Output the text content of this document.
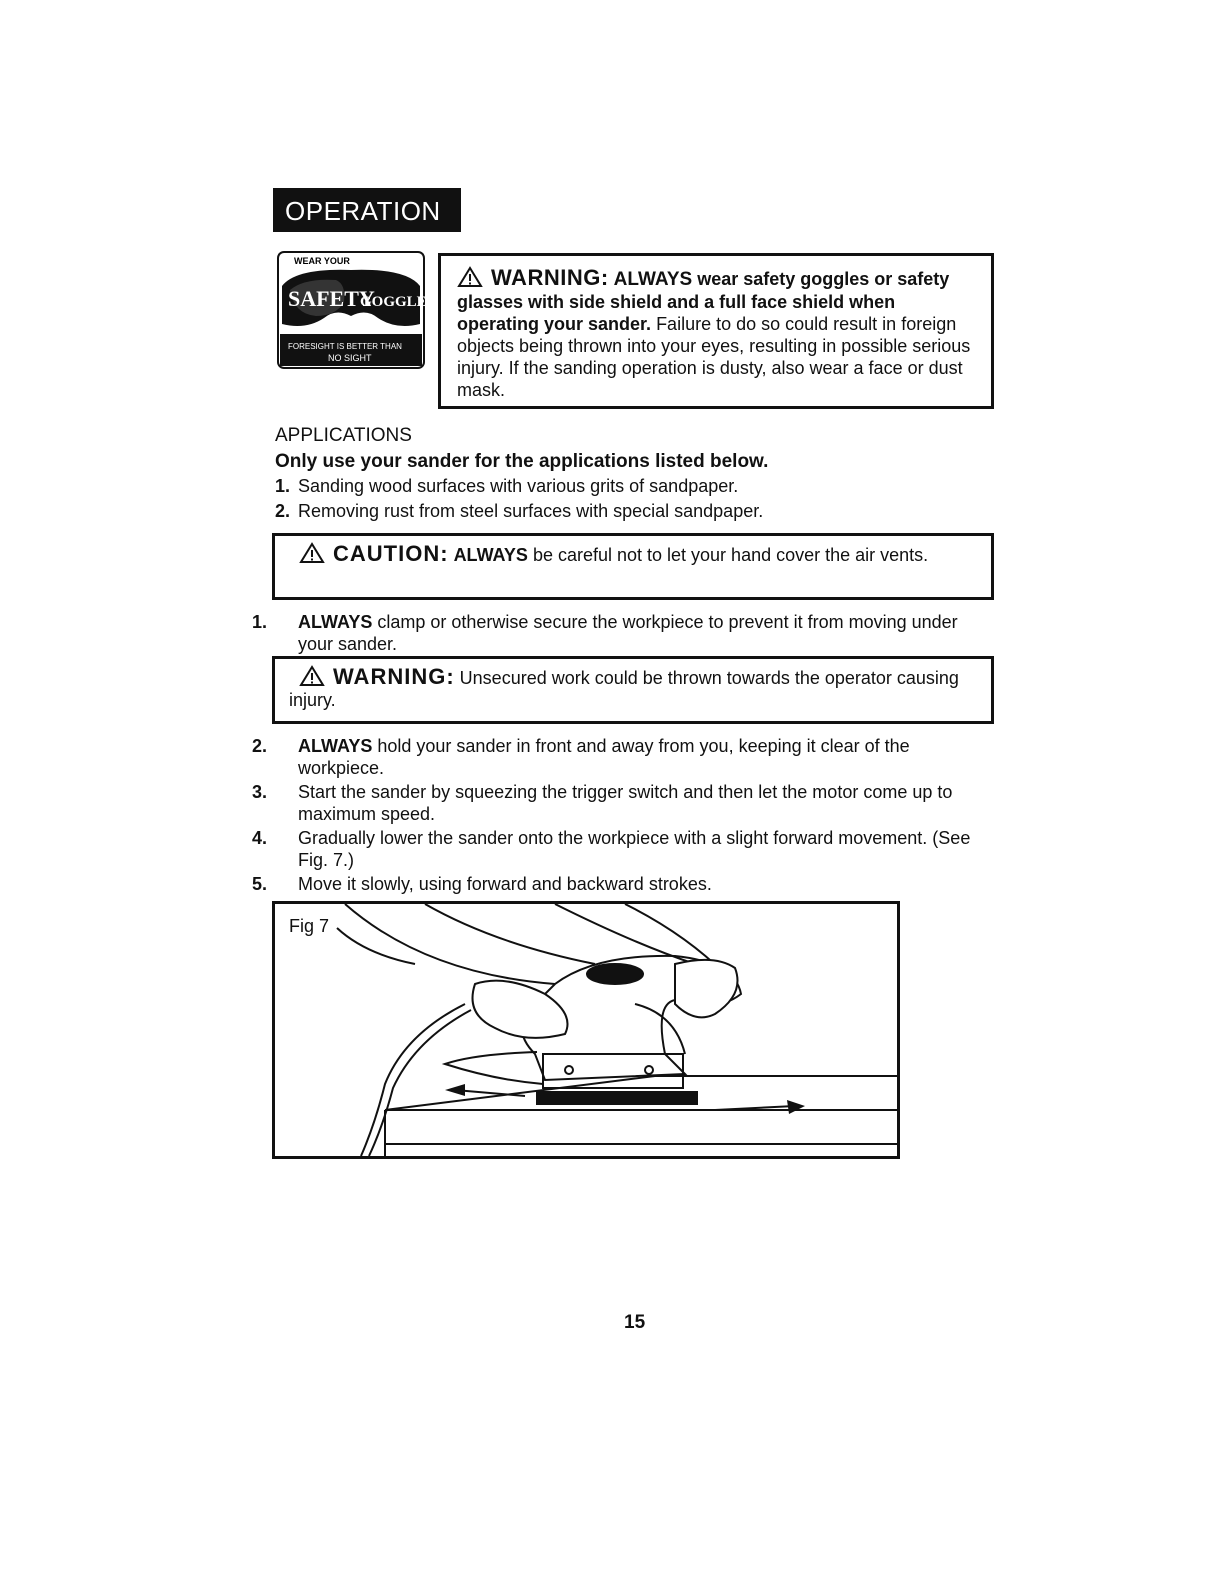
OPERATION
WEAR YOUR
SAFETY
GOGGLES
FORESIGHT IS BETTER THAN
NO SIGHT
WARNING: ALWAYS wear safety goggles or safety glasses with side shield and a full face shield when operating your sander. Failure to do so could result in foreign objects being thrown into your eyes, resulting in possible serious injury. If the sanding operation is dusty, also wear a face or dust mask.
APPLICATIONS
Only use your sander for the applications listed below.
1. Sanding wood surfaces with various grits of sandpaper.
2. Removing rust from steel surfaces with special sandpaper.
CAUTION: ALWAYS be careful not to let your hand cover the air vents.
1. ALWAYS clamp or otherwise secure the workpiece to prevent it from moving under your sander.
WARNING: Unsecured work could be thrown towards the operator causing injury.
2. ALWAYS hold your sander in front and away from you, keeping it clear of the workpiece.
3. Start the sander by squeezing the trigger switch and then let the motor come up to maximum speed.
4. Gradually lower the sander onto the workpiece with a slight forward movement. (See Fig. 7.)
5. Move it slowly, using forward and backward strokes.
Fig 7
15
